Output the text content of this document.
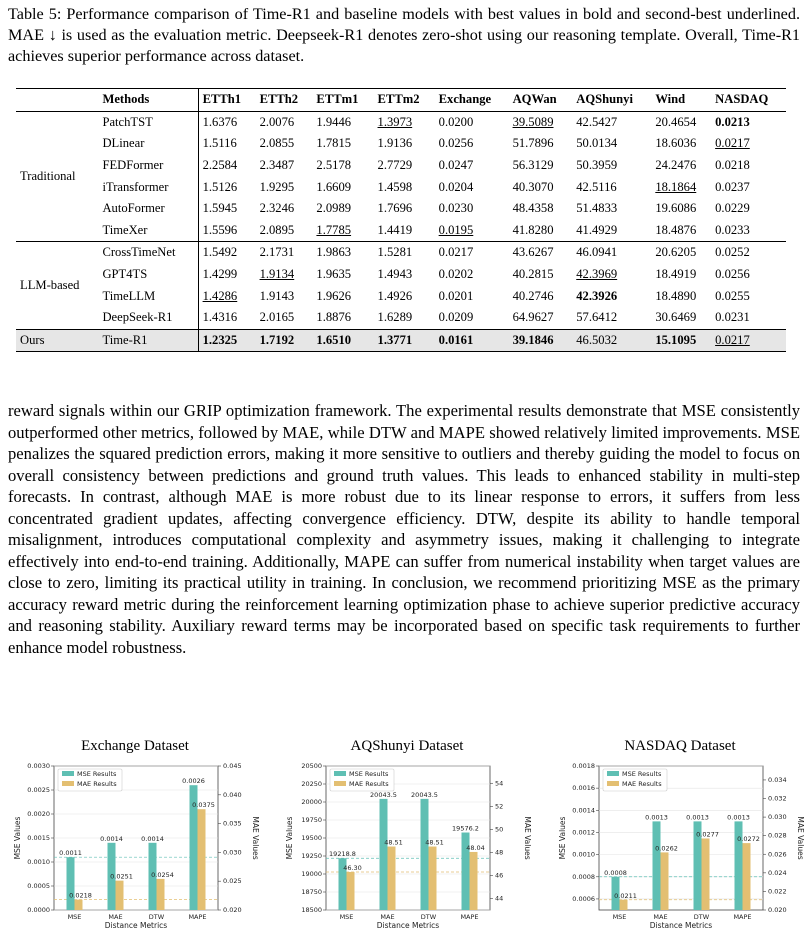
Table 5: Performance comparison of Time-R1 and baseline models with best values in bold and second-best underlined. MAE ↓ is used as the evaluation metric. Deepseek-R1 denotes zero-shot using our reasoning template. Overall, Time-R1 achieves superior performance across dataset.
	Methods	ETTh1	ETTh2	ETTm1	ETTm2	Exchange	AQWan	AQShunyi	Wind	NASDAQ
Traditional	PatchTST	1.6376	2.0076	1.9446	1.3973	0.0200	39.5089	42.5427	20.4654	0.0213
	DLinear	1.5116	2.0855	1.7815	1.9136	0.0256	51.7896	50.0134	18.6036	0.0217
	FEDFormer	2.2584	2.3487	2.5178	2.7729	0.0247	56.3129	50.3959	24.2476	0.0218
	iTransformer	1.5126	1.9295	1.6609	1.4598	0.0204	40.3070	42.5116	18.1864	0.0237
	AutoFormer	1.5945	2.3246	2.0989	1.7696	0.0230	48.4358	51.4833	19.6086	0.0229
	TimeXer	1.5596	2.0895	1.7785	1.4419	0.0195	41.8280	41.4929	18.4876	0.0233
LLM-based	CrossTimeNet	1.5492	2.1731	1.9863	1.5281	0.0217	43.6267	46.0941	20.6205	0.0252
	GPT4TS	1.4299	1.9134	1.9635	1.4943	0.0202	40.2815	42.3969	18.4919	0.0256
	TimeLLM	1.4286	1.9143	1.9626	1.4926	0.0201	40.2746	42.3926	18.4890	0.0255
	DeepSeek-R1	1.4316	2.0165	1.8876	1.6289	0.0209	64.9627	57.6412	30.6469	0.0231
Ours	Time-R1	1.2325	1.7192	1.6510	1.3771	0.0161	39.1846	46.5032	15.1095	0.0217
reward signals within our GRIP optimization framework. The experimental results demonstrate that MSE consistently outperformed other metrics, followed by MAE, while DTW and MAPE showed relatively limited improvements. MSE penalizes the squared prediction errors, making it more sensitive to outliers and thereby guiding the model to focus on overall consistency between predictions and ground truth values. This leads to enhanced stability in multi-step forecasts. In contrast, although MAE is more robust due to its linear response to errors, it suffers from less concentrated gradient updates, affecting convergence efficiency. DTW, despite its ability to handle temporal misalignment, introduces computational complexity and asymmetry issues, making it challenging to integrate effectively into end-to-end training. Additionally, MAPE can suffer from numerical instability when target values are close to zero, limiting its practical utility in training. In conclusion, we recommend prioritizing MSE as the primary accuracy reward metric during the reinforcement learning optimization phase to achieve superior predictive accuracy and reasoning stability. Auxiliary reward terms may be incorporated based on specific task requirements to further enhance model robustness.
Exchange Dataset
0.0000
0.0005
0.0010
0.0015
0.0020
0.0025
0.0030
0.020
0.025
0.030
0.035
0.040
0.045
0.0011
0.0218
MSE
0.0014
0.0251
MAE
0.0014
0.0254
DTW
0.0026
0.0375
MAPE
Distance Metrics
MSE Values	MAE Values
MSE Results
MAE Results
AQShunyi Dataset
18500
18750
19000
19250
19500
19750
20000
20250
20500
44
46
48
50
52
54
19218.8
46.30
MSE
20043.5
48.51
MAE
20043.5
48.51
DTW
19576.2
48.04
MAPE
Distance Metrics
MSE Values	MAE Values
MSE Results
MAE Results
NASDAQ Dataset
0.0006
0.0008
0.0010
0.0012
0.0014
0.0016
0.0018
0.020
0.022
0.024
0.026
0.028
0.030
0.032
0.034
0.0008
0.0211
MSE
0.0013
0.0262
MAE
0.0013
0.0277
DTW
0.0013
0.0272
MAPE
Distance Metrics
MSE Values	MAE Values
MSE Results
MAE Results
